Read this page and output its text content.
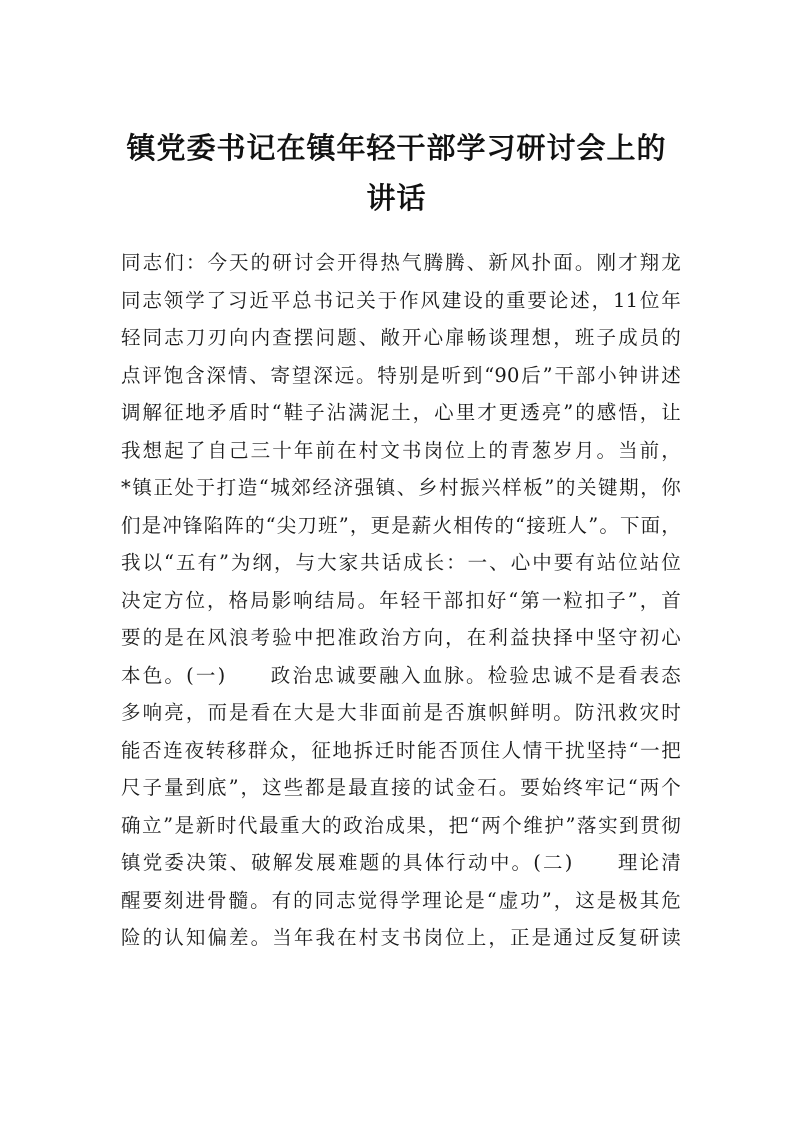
镇党委书记在镇年轻干部学习研讨会上的
讲话
同志们：今天的研讨会开得热气腾腾、新风扑面。刚才翔龙
同志领学了习近平总书记关于作风建设的重要论述，11位年
轻同志刀刃向内查摆问题、敞开心扉畅谈理想，班子成员的
点评饱含深情、寄望深远。特别是听到“90后”干部小钟讲述
调解征地矛盾时“鞋子沾满泥土，心里才更透亮”的感悟，让
我想起了自己三十年前在村文书岗位上的青葱岁月。当前，
*镇正处于打造“城郊经济强镇、乡村振兴样板”的关键期，你
们是冲锋陷阵的“尖刀班”，更是薪火相传的“接班人”。下面，
我以“五有”为纲，与大家共话成长：一、心中要有站位站位
决定方位，格局影响结局。年轻干部扣好“第一粒扣子”，首
要的是在风浪考验中把准政治方向，在利益抉择中坚守初心
本色。(一)　　政治忠诚要融入血脉。检验忠诚不是看表态
多响亮，而是看在大是大非面前是否旗帜鲜明。防汛救灾时
能否连夜转移群众，征地拆迁时能否顶住人情干扰坚持“一把
尺子量到底”，这些都是最直接的试金石。要始终牢记“两个
确立”是新时代最重大的政治成果，把“两个维护”落实到贯彻
镇党委决策、破解发展难题的具体行动中。(二)　　理论清
醒要刻进骨髓。有的同志觉得学理论是“虚功”，这是极其危
险的认知偏差。当年我在村支书岗位上，正是通过反复研读
